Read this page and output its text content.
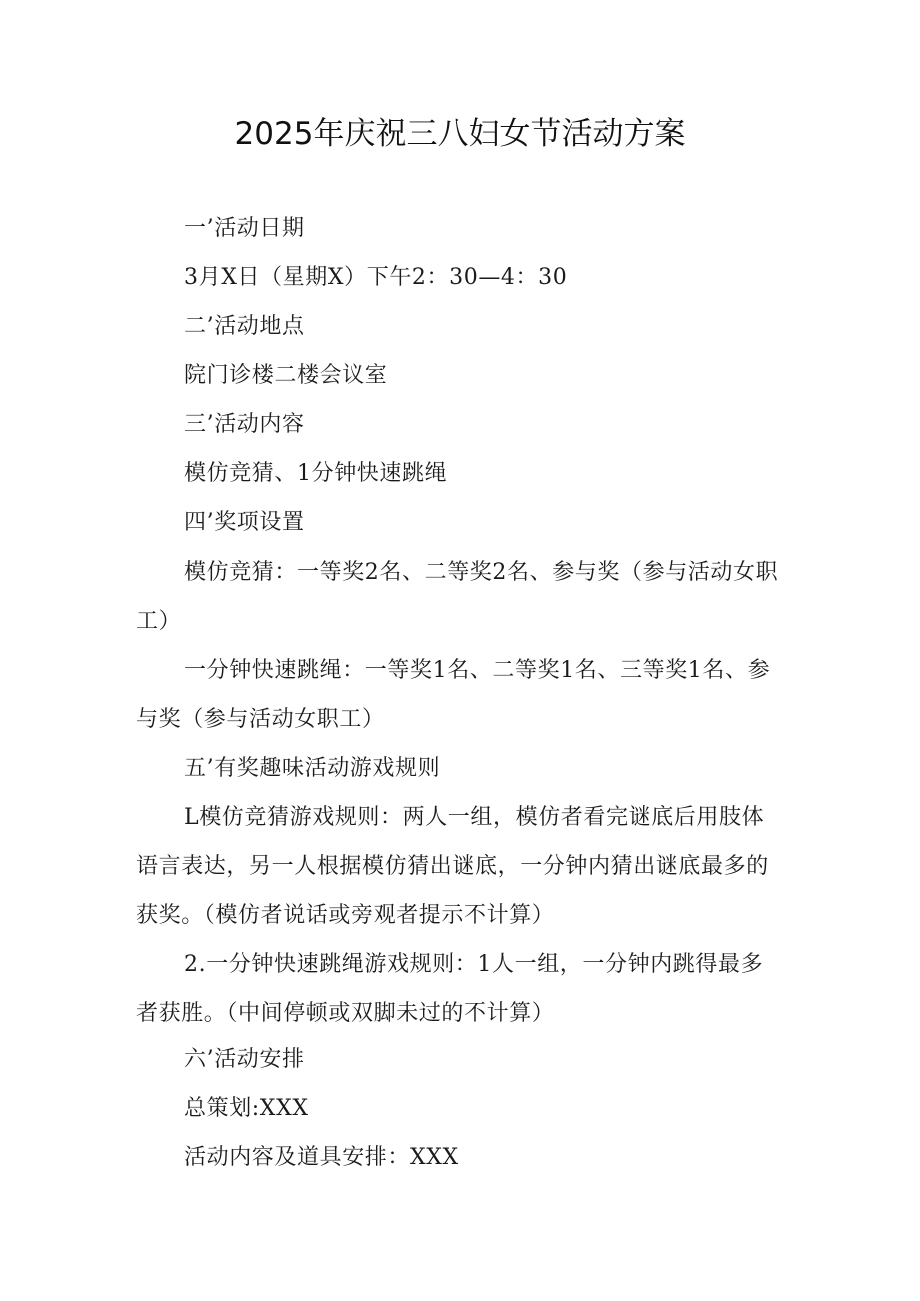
2025年庆祝三八妇女节活动方案
一’活动日期
3月X日（星期X）下午2：30—4：30
二’活动地点
院门诊楼二楼会议室
三’活动内容
模仿竞猜、1分钟快速跳绳
四’奖项设置
模仿竞猜：一等奖2名、二等奖2名、参与奖（参与活动女职
工）
一分钟快速跳绳：一等奖1名、二等奖1名、三等奖1名、参
与奖（参与活动女职工）
五’有奖趣味活动游戏规则
L模仿竞猜游戏规则：两人一组，模仿者看完谜底后用肢体
语言表达，另一人根据模仿猜出谜底，一分钟内猜出谜底最多的
获奖。（模仿者说话或旁观者提示不计算）
2.一分钟快速跳绳游戏规则：1人一组，一分钟内跳得最多
者获胜。（中间停顿或双脚未过的不计算）
六’活动安排
总策划:XXX
活动内容及道具安排：XXX
